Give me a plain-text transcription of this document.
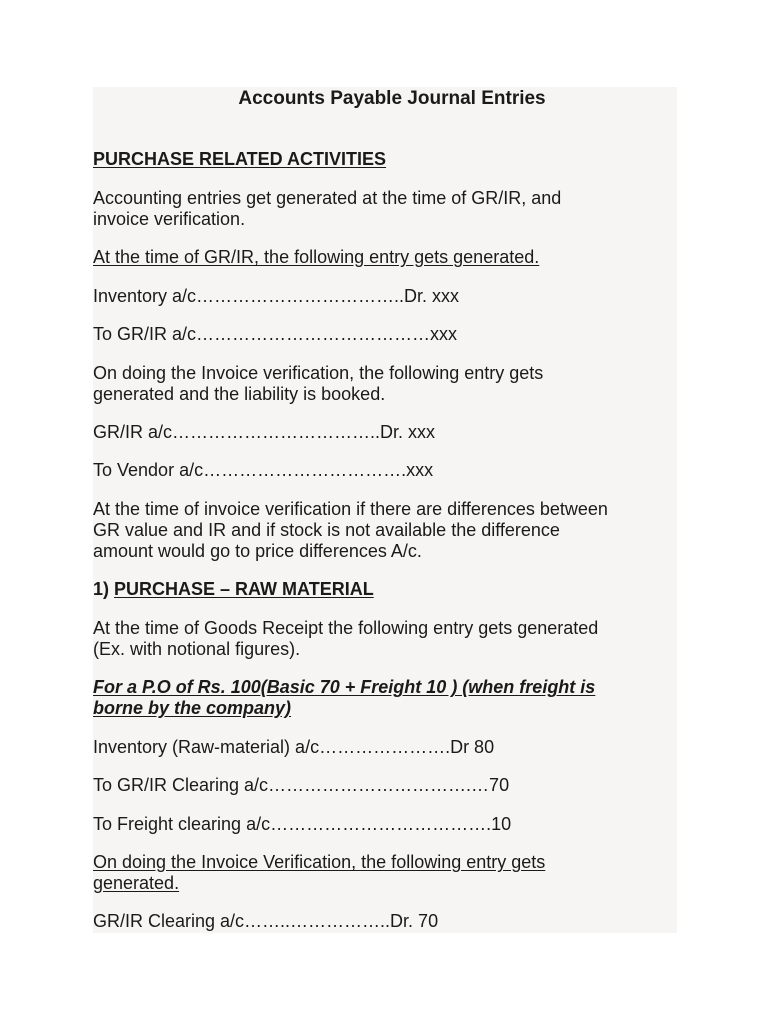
Accounts Payable Journal Entries

PURCHASE RELATED ACTIVITIES

Accounting entries get generated at the time of GR/IR, and

invoice verification.

At the time of GR/IR, the following entry gets generated.

Inventory a/c……………………………..Dr. xxx

To GR/IR a/c…………………………………xxx

On doing the Invoice verification, the following entry gets

generated and the liability is booked.

GR/IR a/c……………………………..Dr. xxx

To Vendor a/c…………………………….xxx

At the time of invoice verification if there are differences between

GR value and IR and if stock is not available the difference

amount would go to price differences A/c.

1) PURCHASE – RAW MATERIAL

At the time of Goods Receipt the following entry gets generated

(Ex. with notional figures).

For a P.O of Rs. 100(Basic 70 + Freight 10 ) (when freight is

borne by the company)

Inventory (Raw-material) a/c………………….Dr 80

To GR/IR Clearing a/c…………………………….…70

To Freight clearing a/c……………………………….10

On doing the Invoice Verification, the following entry gets

generated.

GR/IR Clearing a/c……..……………..Dr. 70
